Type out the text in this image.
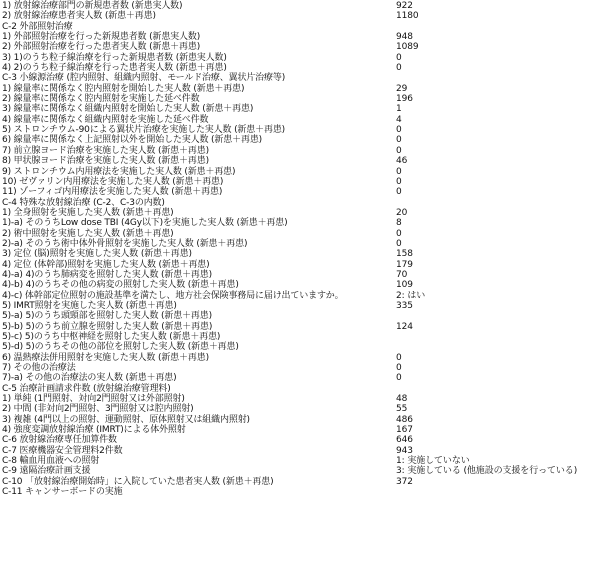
1) 放射線治療部門の新規患者数 (新患実人数)	922
2) 放射線治療患者実人数 (新患＋再患)	1180
C-2 外部照射治療
1) 外部照射治療を行った新規患者数 (新患実人数)	948
2) 外部照射治療を行った患者実人数 (新患＋再患)	1089
3) 1)のうち粒子線治療を行った新規患者数 (新患実人数)	0
4) 2)のうち粒子線治療を行った患者実人数 (新患＋再患)	0
C-3 小線源治療 (腔内照射、組織内照射、モールド治療、翼状片治療等)
1) 線量率に関係なく腔内照射を開始した実人数 (新患＋再患)	29
2) 線量率に関係なく腔内照射を実施した延べ件数	196
3) 線量率に関係なく組織内照射を開始した実人数 (新患＋再患)	1
4) 線量率に関係なく組織内照射を実施した延べ件数	4
5) ストロンチウム-90による翼状片治療を実施した実人数 (新患＋再患)	0
6) 線量率に関係なく上記照射以外を開始した実人数 (新患＋再患)	0
7) 前立腺ヨード治療を実施した実人数 (新患＋再患)	0
8) 甲状腺ヨード治療を実施した実人数 (新患＋再患)	46
9) ストロンチウム内用療法を実施した実人数 (新患＋再患)	0
10) ゼヴァリン内用療法を実施した実人数 (新患＋再患)	0
11) ゾーフィゴ内用療法を実施した実人数 (新患＋再患)	0
C-4 特殊な放射線治療 (C-2、C-3の内数)
1) 全身照射を実施した実人数 (新患＋再患)	20
1)-a) そのうちLow dose TBI (4Gy以下)を実施した実人数 (新患＋再患)	8
2) 術中照射を実施した実人数 (新患＋再患)	0
2)-a) そのうち術中体外骨照射を実施した実人数 (新患＋再患)	0
3) 定位 (脳)照射を実施した実人数 (新患＋再患)	158
4) 定位 (体幹部)照射を実施した実人数 (新患＋再患)	179
4)-a) 4)のうち肺病変を照射した実人数 (新患＋再患)	70
4)-b) 4)のうちその他の病変の照射した実人数 (新患＋再患)	109
4)-c) 体幹部定位照射の施設基準を満たし、地方社会保険事務局に届け出ていますか。	2: はい
5) IMRT照射を実施した実人数 (新患＋再患)	335
5)-a) 5)のうち頭頸部を照射した実人数 (新患＋再患)
5)-b) 5)のうち前立腺を照射した実人数 (新患＋再患)	124
5)-c) 5)のうち中枢神経を照射した実人数 (新患＋再患)
5)-d) 5)のうちその他の部位を照射した実人数 (新患＋再患)
6) 温熱療法併用照射を実施した実人数 (新患＋再患)	0
7) その他の治療法	0
7)-a) その他の治療法の実人数 (新患＋再患)	0
C-5 治療計画請求件数 (放射線治療管理料)
1) 単純 (1門照射、対向2門照射又は外部照射)	48
2) 中間 (非対向2門照射、3門照射又は腔内照射)	55
3) 複雑 (4門以上の照射、運動照射、原体照射又は組織内照射)	486
4) 強度変調放射線治療 (IMRT)による体外照射	167
C-6 放射線治療専任加算件数	646
C-7 医療機器安全管理料2件数	943
C-8 輸血用血液への照射	1: 実施していない
C-9 遠隔治療計画支援	3: 実施している (他施設の支援を行っている)
C-10 「放射線治療開始時」に入院していた患者実人数 (新患＋再患)	372
C-11 キャンサーボードの実施
